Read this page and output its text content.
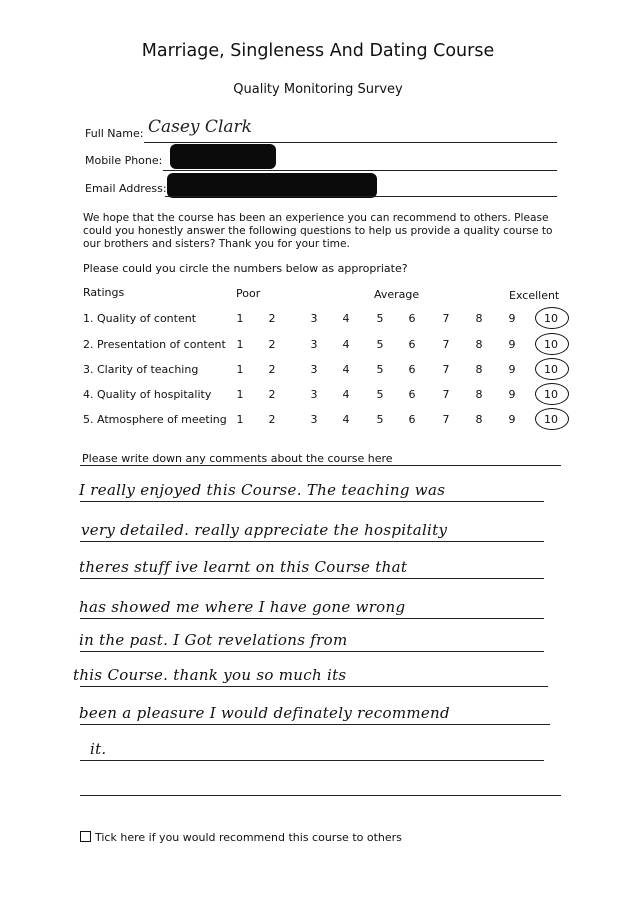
Marriage, Singleness And Dating Course
Quality Monitoring Survey
Full Name: Casey Clark
Mobile Phone:
Email Address:
We hope that the course has been an experience you can recommend to others. Please could you honestly answer the following questions to help us provide a quality course to our brothers and sisters? Thank you for your time.
Please could you circle the numbers below as appropriate?
Ratings	Poor	Average	Excellent
1. Quality of content	1	2	3	4	5	6	7	8	9	10
2. Presentation of content 1	2	3	4	5	6	7	8	9	10
3. Clarity of teaching	1	2	3	4	5	6	7	8	9	10
4. Quality of hospitality	1	2	3	4	5	6	7	8	9	10
5. Atmosphere of meeting 1	2	3	4	5	6	7	8	9	10
Please write down any comments about the course here
I really enjoyed this Course. The teaching was
very detailed. really appreciate the hospitality
theres stuff ive learnt on this Course that
has showed me where I have gone wrong
in the past. I Got revelations from
this Course. thank you so much its
been a pleasure I would definately recommend
it.
Tick here if you would recommend this course to others
